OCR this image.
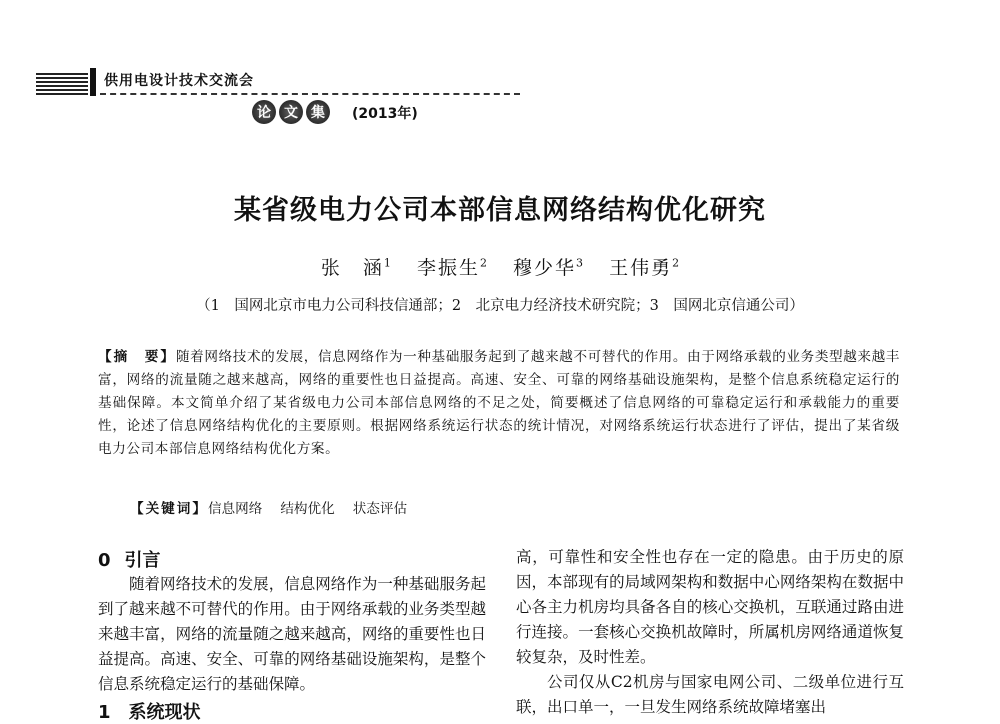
供用电设计技术交流会
论 文 集	(2013年)
某省级电力公司本部信息网络结构优化研究
张　涵$^1$ 李振生$^2$ 穆少华$^3$ 王伟勇$^2$
（1　国网北京市电力公司科技信通部；2　北京电力经济技术研究院；3　国网北京信通公司）
【摘　要】随着网络技术的发展，信息网络作为一种基础服务起到了越来越不可替代的作用。由于网络承载的业务类型越来越丰富，网络的流量随之越来越高，网络的重要性也日益提高。高速、安全、可靠的网络基础设施架构，是整个信息系统稳定运行的基础保障。本文简单介绍了某省级电力公司本部信息网络的不足之处，简要概述了信息网络的可靠稳定运行和承载能力的重要性，论述了信息网络结构优化的主要原则。根据网络系统运行状态的统计情况，对网络系统运行状态进行了评估，提出了某省级电力公司本部信息网络结构优化方案。
【关键词】信息网络 结构优化 状态评估
0 引言

随着网络技术的发展，信息网络作为一种基础服务起到了越来越不可替代的作用。由于网络承载的业务类型越来越丰富，网络的流量随之越来越高，网络的重要性也日益提高。高速、安全、可靠的网络基础设施架构，是整个信息系统稳定运行的基础保障。

1　系统现状

高，可靠性和安全性也存在一定的隐患。由于历史的原因，本部现有的局域网架构和数据中心网络架构在数据中心各主力机房均具备各自的核心交换机，互联通过路由进行连接。一套核心交换机故障时，所属机房网络通道恢复较复杂，及时性差。

公司仅从C2机房与国家电网公司、二级单位进行互联，出口单一，一旦发生网络系统故障堵塞出
